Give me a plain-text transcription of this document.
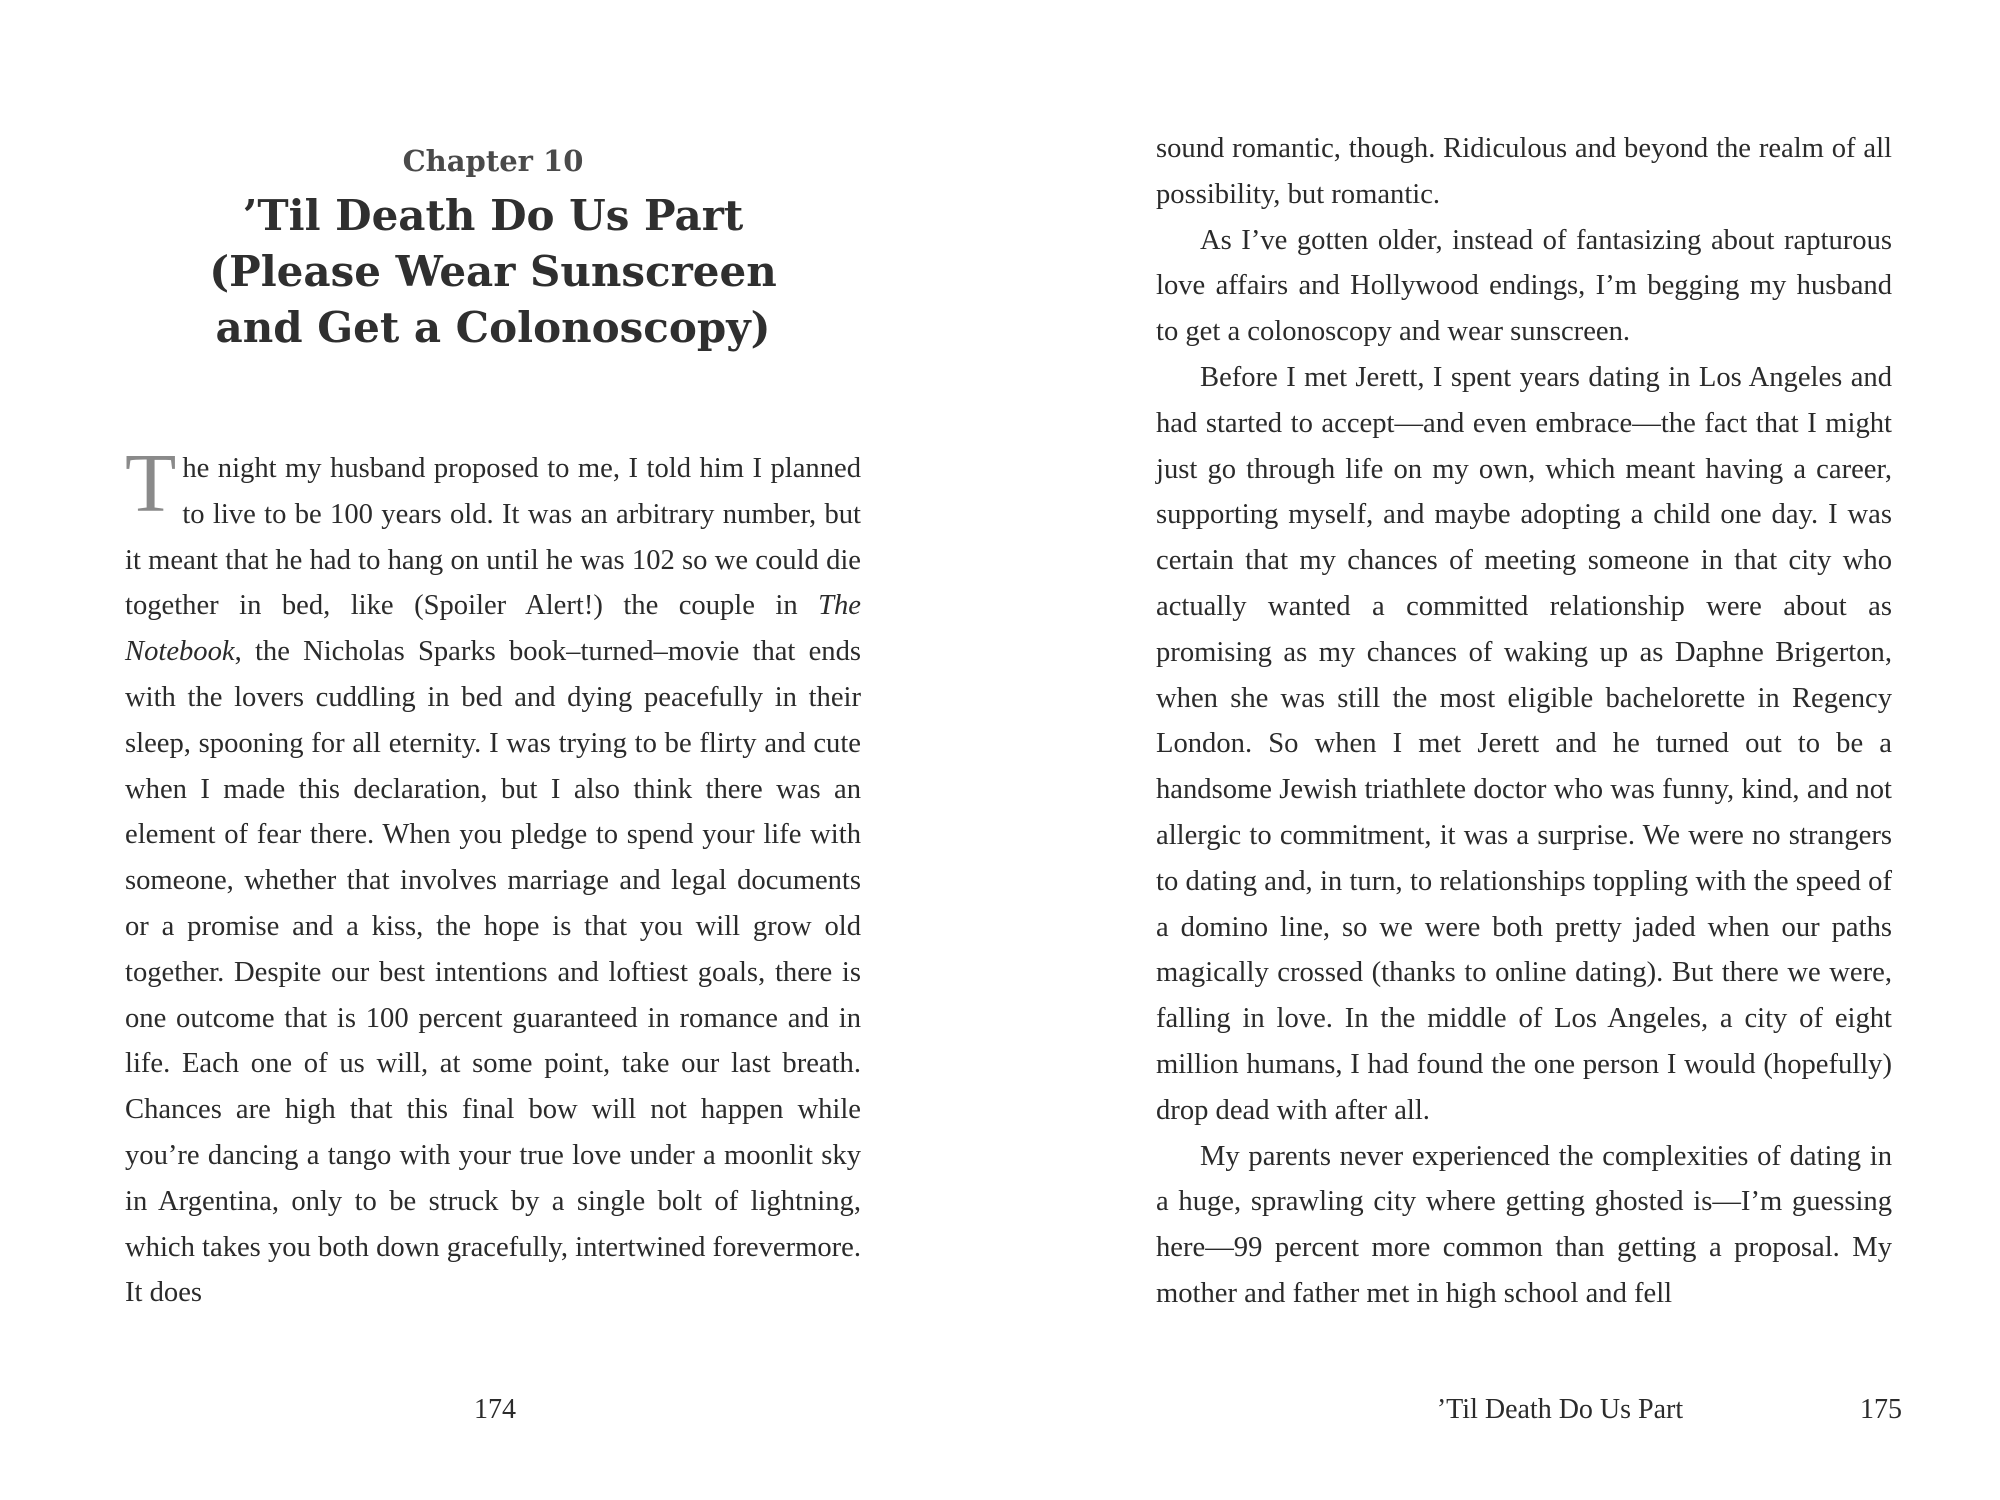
Chapter 10
’Til Death Do Us Part
(Please Wear Sunscreen
and Get a Colonoscopy)

The night my husband proposed to me, I told him I planned to live to be 100 years old. It was an arbitrary number, but it meant that he had to hang on until he was 102 so we could die together in bed, like (Spoiler Alert!) the couple in The Notebook, the Nicholas Sparks book–turned–movie that ends with the lovers cuddling in bed and dying peacefully in their sleep, spooning for all eternity. I was trying to be flirty and cute when I made this declaration, but I also think there was an element of fear there. When you pledge to spend your life with someone, whether that involves marriage and legal documents or a promise and a kiss, the hope is that you will grow old together. Despite our best intentions and loftiest goals, there is one outcome that is 100 percent guaranteed in romance and in life. Each one of us will, at some point, take our last breath. Chances are high that this final bow will not happen while you’re dancing a tango with your true love under a moonlit sky in Argentina, only to be struck by a single bolt of lightning, which takes you both down gracefully, intertwined forevermore. It does

174

sound romantic, though. Ridiculous and beyond the realm of all possibility, but romantic.

As I’ve gotten older, instead of fantasizing about rapturous love affairs and Hollywood endings, I’m begging my husband to get a colonoscopy and wear sunscreen.

Before I met Jerett, I spent years dating in Los Angeles and had started to accept—and even embrace—the fact that I might just go through life on my own, which meant having a career, supporting myself, and maybe adopting a child one day. I was certain that my chances of meeting someone in that city who actually wanted a committed relationship were about as promising as my chances of waking up as Daphne Brigerton, when she was still the most eligible bachelorette in Regency London. So when I met Jerett and he turned out to be a handsome Jewish triathlete doctor who was funny, kind, and not allergic to commitment, it was a surprise. We were no strangers to dating and, in turn, to relationships toppling with the speed of a domino line, so we were both pretty jaded when our paths magically crossed (thanks to online dating). But there we were, falling in love. In the middle of Los Angeles, a city of eight million humans, I had found the one person I would (hopefully) drop dead with after all.

My parents never experienced the complexities of dating in a huge, sprawling city where getting ghosted is—I’m guessing here—99 percent more common than getting a proposal. My mother and father met in high school and fell

’Til Death Do Us Part	175
